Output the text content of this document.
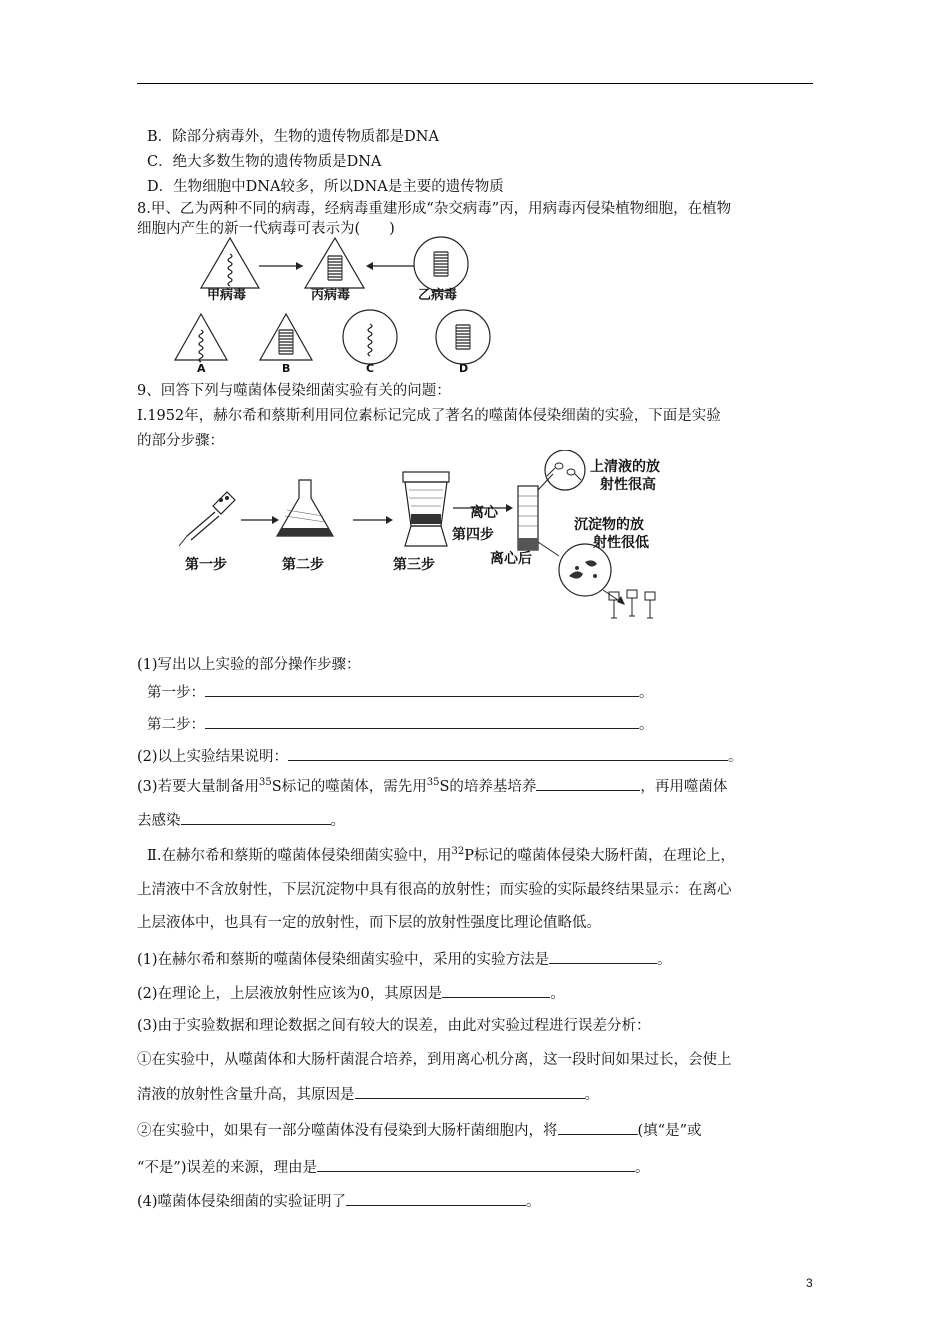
B．除部分病毒外，生物的遗传物质都是DNA
C．绝大多数生物的遗传物质是DNA
D．生物细胞中DNA较多，所以DNA是主要的遗传物质
8.甲、乙为两种不同的病毒，经病毒重建形成“杂交病毒”丙，用病毒丙侵染植物细胞，在植物
细胞内产生的新一代病毒可表示为(　　)
甲病毒	丙病毒	乙病毒
A	B	C	D
9、回答下列与噬菌体侵染细菌实验有关的问题：
Ⅰ.1952年，赫尔希和蔡斯利用同位素标记完成了著名的噬菌体侵染细菌的实验，下面是实验
的部分步骤：
第一步	第二步	第三步
离心
第四步
离心后
上清液的放
射性很高
沉淀物的放
射性很低
(1)写出以上实验的部分操作步骤：
第一步：	。
第二步：	。
(2)以上实验结果说明：	。
(3)若要大量制备用$^{35}$S标记的噬菌体，需先用$^{35}$S的培养基培养	，再用噬菌体
去感染	。
Ⅱ.在赫尔希和蔡斯的噬菌体侵染细菌实验中，用$^{32}$P标记的噬菌体侵染大肠杆菌，在理论上，
上清液中不含放射性，下层沉淀物中具有很高的放射性；而实验的实际最终结果显示：在离心
上层液体中，也具有一定的放射性，而下层的放射性强度比理论值略低。
(1)在赫尔希和蔡斯的噬菌体侵染细菌实验中，采用的实验方法是	。
(2)在理论上，上层液放射性应该为0，其原因是	。
(3)由于实验数据和理论数据之间有较大的误差，由此对实验过程进行误差分析：
①在实验中，从噬菌体和大肠杆菌混合培养，到用离心机分离，这一段时间如果过长，会使上
清液的放射性含量升高，其原因是	。
②在实验中，如果有一部分噬菌体没有侵染到大肠杆菌细胞内，将	(填“是”或
“不是”)误差的来源，理由是	。
(4)噬菌体侵染细菌的实验证明了	。
3
